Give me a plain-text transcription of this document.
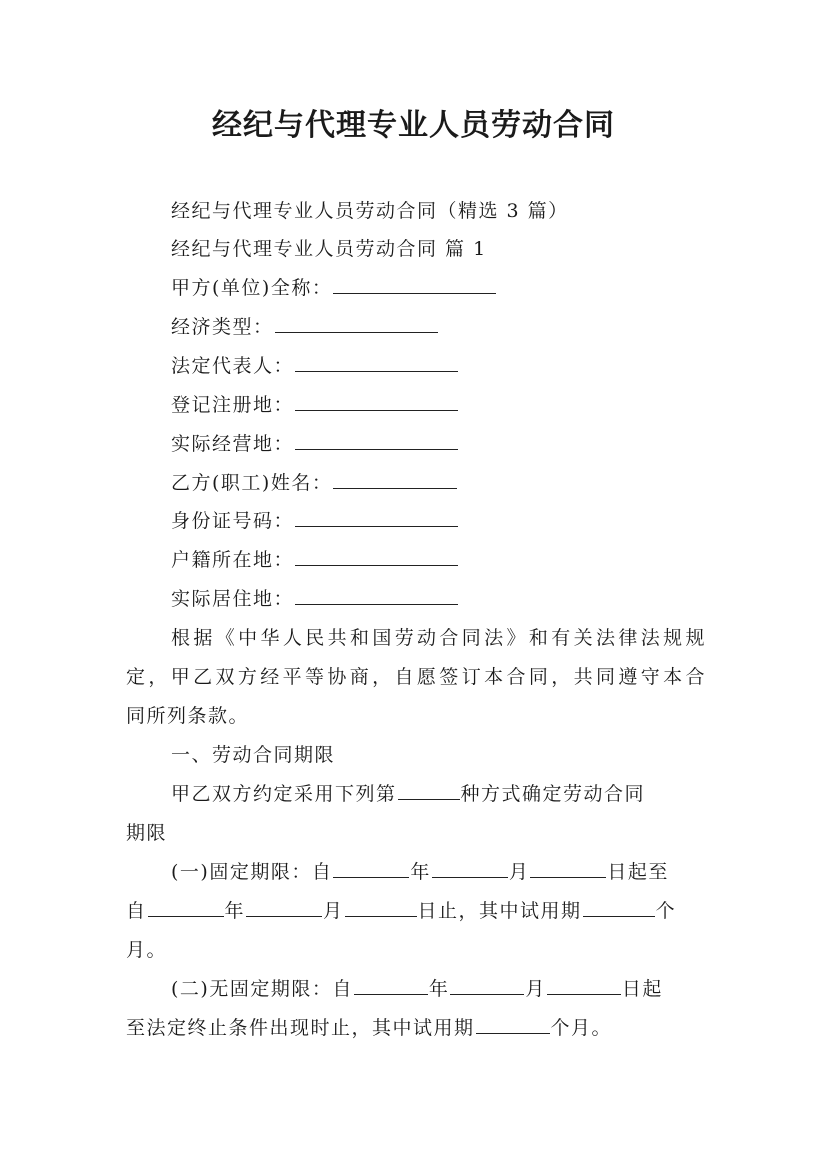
经纪与代理专业人员劳动合同
经纪与代理专业人员劳动合同（精选 3 篇）
经纪与代理专业人员劳动合同 篇 1
甲方(单位)全称：
经济类型：
法定代表人：
登记注册地：
实际经营地：
乙方(职工)姓名：
身份证号码：
户籍所在地：
实际居住地：
根据《中华人民共和国劳动合同法》和有关法律法规规
定，甲乙双方经平等协商，自愿签订本合同，共同遵守本合
同所列条款。
一、劳动合同期限
甲乙双方约定采用下列第	种方式确定劳动合同
期限
(一)固定期限：自	年	月	日起至
自	年	月	日止，其中试用期	个
月。
(二)无固定期限：自	年	月	日起
至法定终止条件出现时止，其中试用期	个月。
